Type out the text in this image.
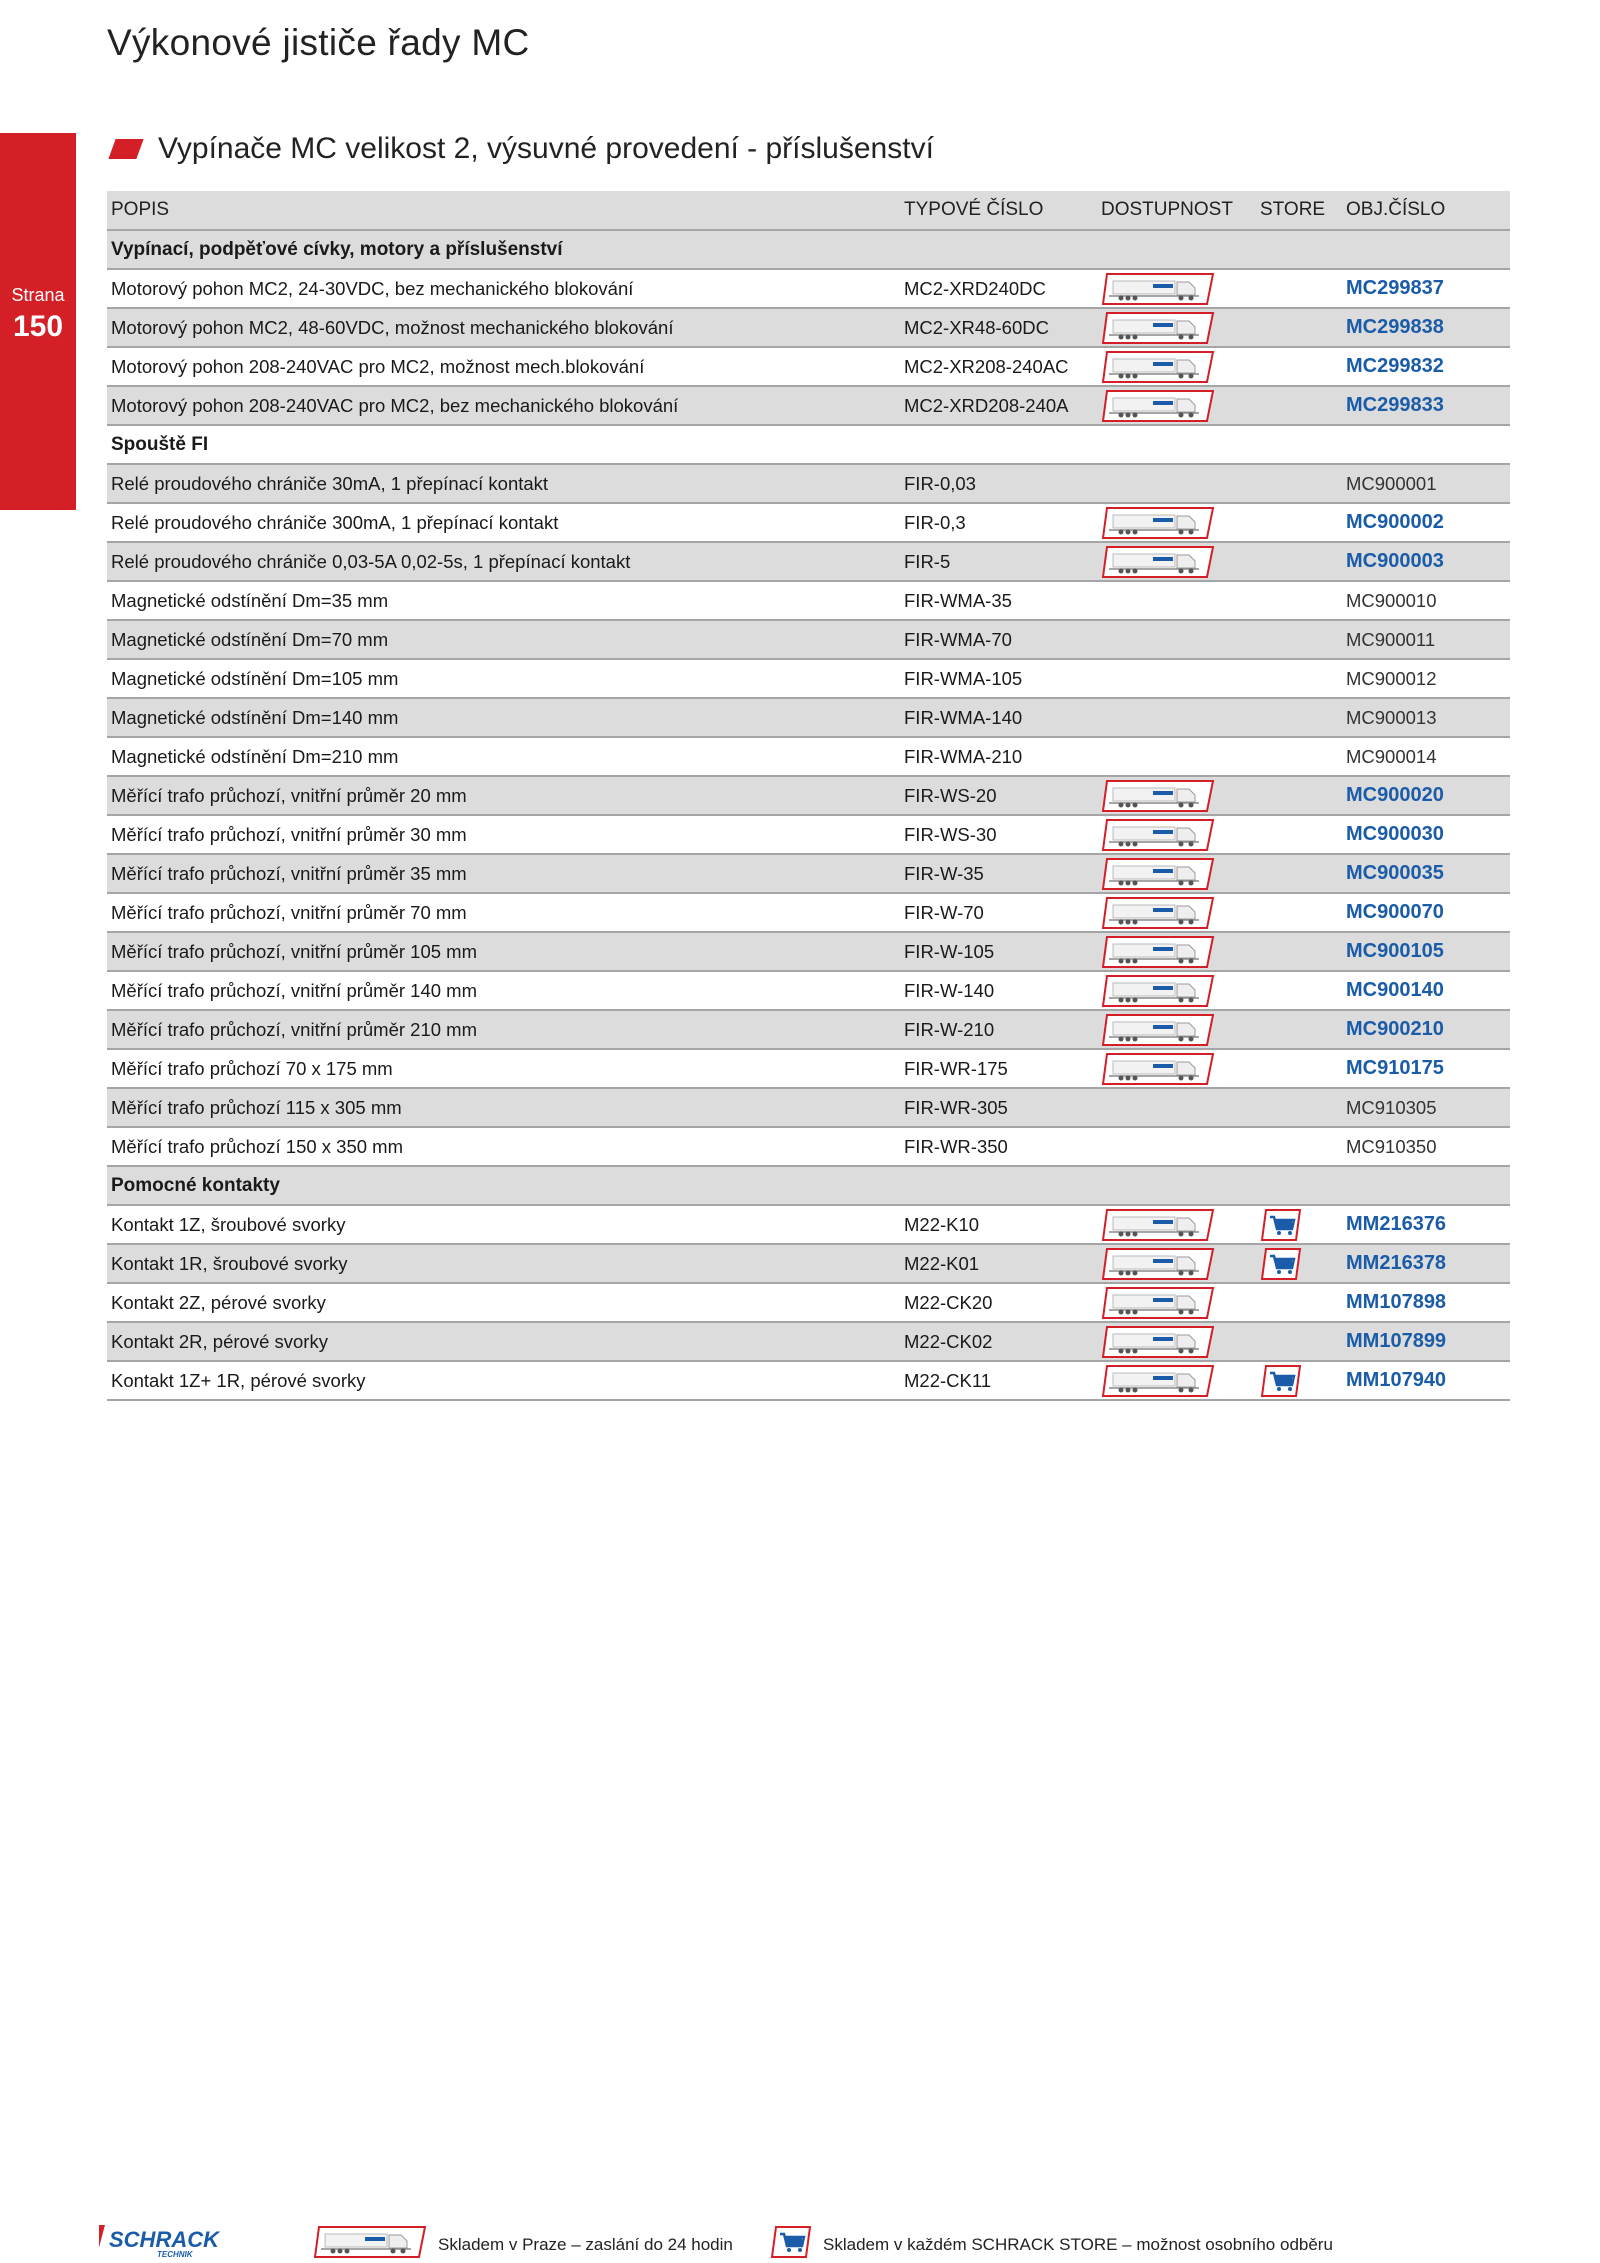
Výkonové jističe řady MC
Strana
150
Vypínače MC velikost 2, výsuvné provedení - příslušenství
POPIS	TYPOVÉ ČÍSLO	DOSTUPNOST	STORE	OBJ.ČÍSLO
Vypínací, podpěťové cívky, motory a příslušenství
Motorový pohon MC2, 24-30VDC, bez mechanického blokování	MC2-XRD240DC	MC299837
Motorový pohon MC2, 48-60VDC, možnost mechanického blokování	MC2-XR48-60DC	MC299838
Motorový pohon 208-240VAC pro MC2, možnost mech.blokování	MC2-XR208-240AC	MC299832
Motorový pohon 208-240VAC pro MC2, bez mechanického blokování	MC2-XRD208-240A	MC299833
Spouště FI
Relé proudového chrániče 30mA, 1 přepínací kontakt	FIR-0,03	MC900001
Relé proudového chrániče 300mA, 1 přepínací kontakt	FIR-0,3	MC900002
Relé proudového chrániče 0,03-5A 0,02-5s, 1 přepínací kontakt	FIR-5	MC900003
Magnetické odstínění Dm=35 mm	FIR-WMA-35	MC900010
Magnetické odstínění Dm=70 mm	FIR-WMA-70	MC900011
Magnetické odstínění Dm=105 mm	FIR-WMA-105	MC900012
Magnetické odstínění Dm=140 mm	FIR-WMA-140	MC900013
Magnetické odstínění Dm=210 mm	FIR-WMA-210	MC900014
Měřící trafo průchozí, vnitřní průměr 20 mm	FIR-WS-20	MC900020
Měřící trafo průchozí, vnitřní průměr 30 mm	FIR-WS-30	MC900030
Měřící trafo průchozí, vnitřní průměr 35 mm	FIR-W-35	MC900035
Měřící trafo průchozí, vnitřní průměr 70 mm	FIR-W-70	MC900070
Měřící trafo průchozí, vnitřní průměr 105 mm	FIR-W-105	MC900105
Měřící trafo průchozí, vnitřní průměr 140 mm	FIR-W-140	MC900140
Měřící trafo průchozí, vnitřní průměr 210 mm	FIR-W-210	MC900210
Měřící trafo průchozí 70 x 175 mm	FIR-WR-175	MC910175
Měřící trafo průchozí 115 x 305 mm	FIR-WR-305	MC910305
Měřící trafo průchozí 150 x 350 mm	FIR-WR-350	MC910350
Pomocné kontakty
Kontakt 1Z, šroubové svorky	M22-K10	MM216376
Kontakt 1R, šroubové svorky	M22-K01	MM216378
Kontakt 2Z, pérové svorky	M22-CK20	MM107898
Kontakt 2R, pérové svorky	M22-CK02	MM107899
Kontakt 1Z+ 1R, pérové svorky	M22-CK11	MM107940
SCHRACK
TECHNIK
Skladem v Praze – zaslání do 24 hodin	Skladem v každém SCHRACK STORE – možnost osobního odběru
